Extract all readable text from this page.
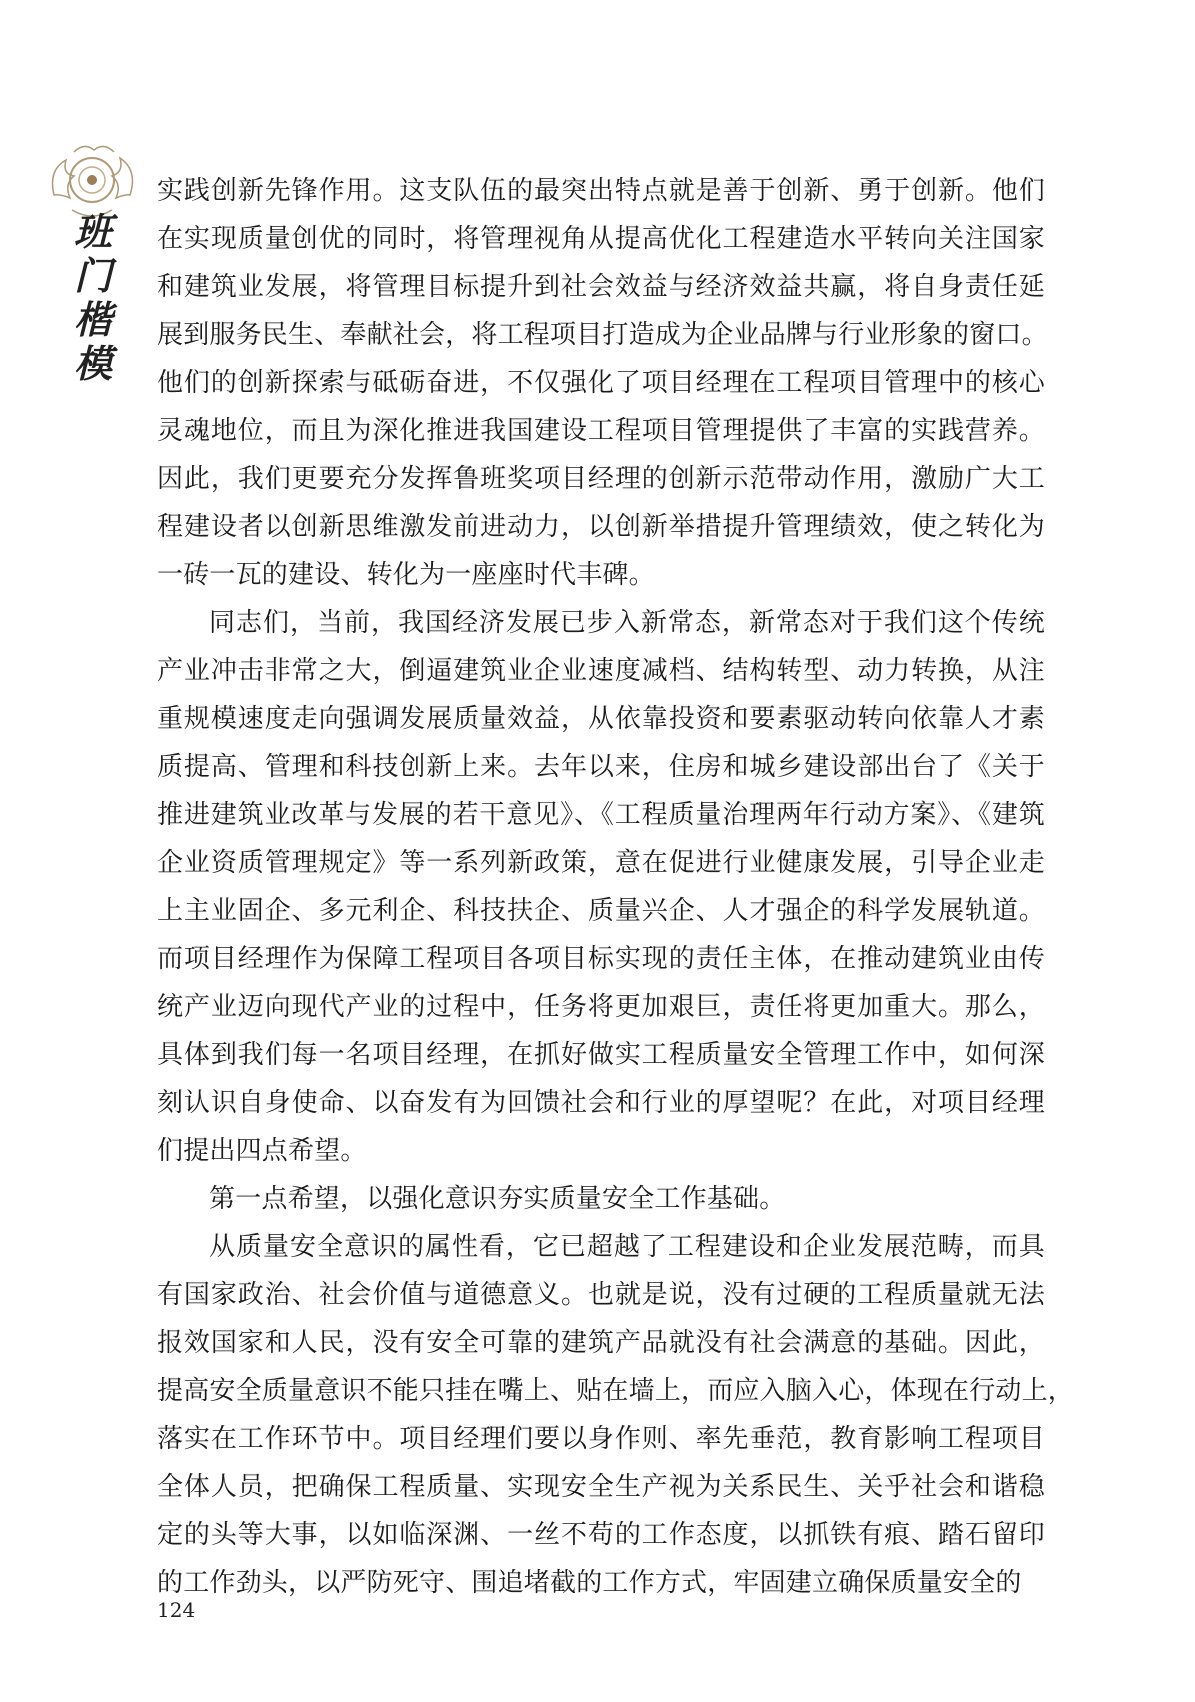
班
门
楷
模
实践创新先锋作用。这支队伍的最突出特点就是善于创新、勇于创新。他们
在实现质量创优的同时，将管理视角从提高优化工程建造水平转向关注国家
和建筑业发展，将管理目标提升到社会效益与经济效益共赢，将自身责任延
展到服务民生、奉献社会，将工程项目打造成为企业品牌与行业形象的窗口。
他们的创新探索与砥砺奋进，不仅强化了项目经理在工程项目管理中的核心
灵魂地位，而且为深化推进我国建设工程项目管理提供了丰富的实践营养。
因此，我们更要充分发挥鲁班奖项目经理的创新示范带动作用，激励广大工
程建设者以创新思维激发前进动力，以创新举措提升管理绩效，使之转化为
一砖一瓦的建设、转化为一座座时代丰碑。
同志们，当前，我国经济发展已步入新常态，新常态对于我们这个传统
产业冲击非常之大，倒逼建筑业企业速度减档、结构转型、动力转换，从注
重规模速度走向强调发展质量效益，从依靠投资和要素驱动转向依靠人才素
质提高、管理和科技创新上来。去年以来，住房和城乡建设部出台了《关于
推进建筑业改革与发展的若干意见》、《工程质量治理两年行动方案》、《建筑
企业资质管理规定》等一系列新政策，意在促进行业健康发展，引导企业走
上主业固企、多元利企、科技扶企、质量兴企、人才强企的科学发展轨道。
而项目经理作为保障工程项目各项目标实现的责任主体，在推动建筑业由传
统产业迈向现代产业的过程中，任务将更加艰巨，责任将更加重大。那么，
具体到我们每一名项目经理，在抓好做实工程质量安全管理工作中，如何深
刻认识自身使命、以奋发有为回馈社会和行业的厚望呢？在此，对项目经理
们提出四点希望。
第一点希望，以强化意识夯实质量安全工作基础。
从质量安全意识的属性看，它已超越了工程建设和企业发展范畴，而具
有国家政治、社会价值与道德意义。也就是说，没有过硬的工程质量就无法
报效国家和人民，没有安全可靠的建筑产品就没有社会满意的基础。因此，
提高安全质量意识不能只挂在嘴上、贴在墙上，而应入脑入心，体现在行动上，
落实在工作环节中。项目经理们要以身作则、率先垂范，教育影响工程项目
全体人员，把确保工程质量、实现安全生产视为关系民生、关乎社会和谐稳
定的头等大事，以如临深渊、一丝不苟的工作态度，以抓铁有痕、踏石留印
的工作劲头，以严防死守、围追堵截的工作方式，牢固建立确保质量安全的
124
